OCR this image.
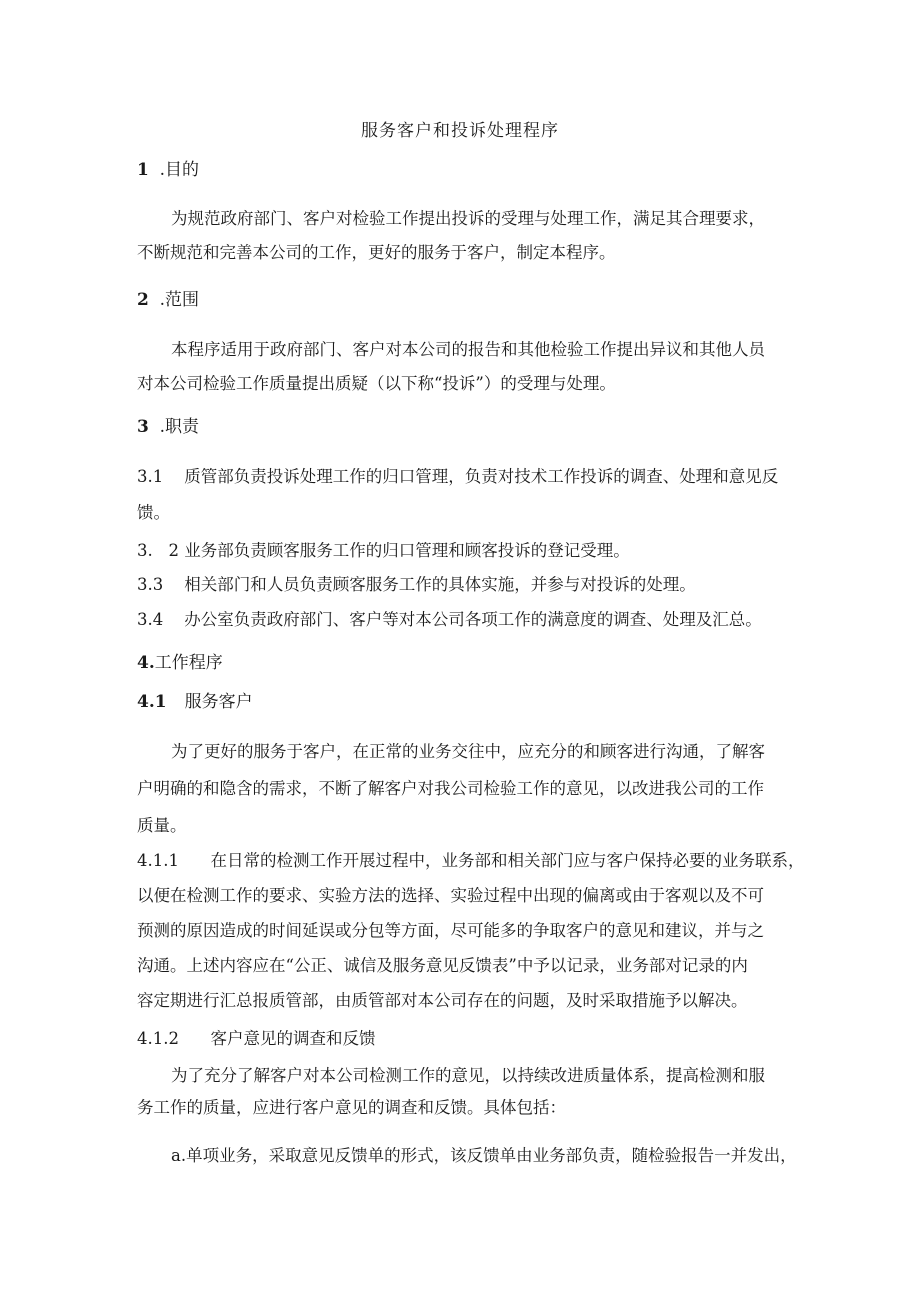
服务客户和投诉处理程序
1  .目的
为规范政府部门、客户对检验工作提出投诉的受理与处理工作，满足其合理要求，
不断规范和完善本公司的工作，更好的服务于客户，制定本程序。
2  .范围
本程序适用于政府部门、客户对本公司的报告和其他检验工作提出异议和其他人员
对本公司检验工作质量提出质疑（以下称“投诉”）的受理与处理。
3  .职责
3.1    质管部负责投诉处理工作的归口管理，负责对技术工作投诉的调查、处理和意见反
馈。
3.   2 业务部负责顾客服务工作的归口管理和顾客投诉的登记受理。
3.3    相关部门和人员负责顾客服务工作的具体实施，并参与对投诉的处理。
3.4    办公室负责政府部门、客户等对本公司各项工作的满意度的调查、处理及汇总。
4.工作程序
4.1 服务客户
为了更好的服务于客户，在正常的业务交往中，应充分的和顾客进行沟通，了解客
户明确的和隐含的需求，不断了解客户对我公司检验工作的意见，以改进我公司的工作
质量。
4.1.1      在日常的检测工作开展过程中，业务部和相关部门应与客户保持必要的业务联系，
以便在检测工作的要求、实验方法的选择、实验过程中出现的偏离或由于客观以及不可
预测的原因造成的时间延误或分包等方面，尽可能多的争取客户的意见和建议，并与之
沟通。上述内容应在“公正、诚信及服务意见反馈表”中予以记录，业务部对记录的内
容定期进行汇总报质管部，由质管部对本公司存在的问题，及时采取措施予以解决。
4.1.2      客户意见的调查和反馈
为了充分了解客户对本公司检测工作的意见，以持续改进质量体系，提高检测和服
务工作的质量，应进行客户意见的调查和反馈。具体包括：
a.单项业务，采取意见反馈单的形式，该反馈单由业务部负责，随检验报告一并发出，
